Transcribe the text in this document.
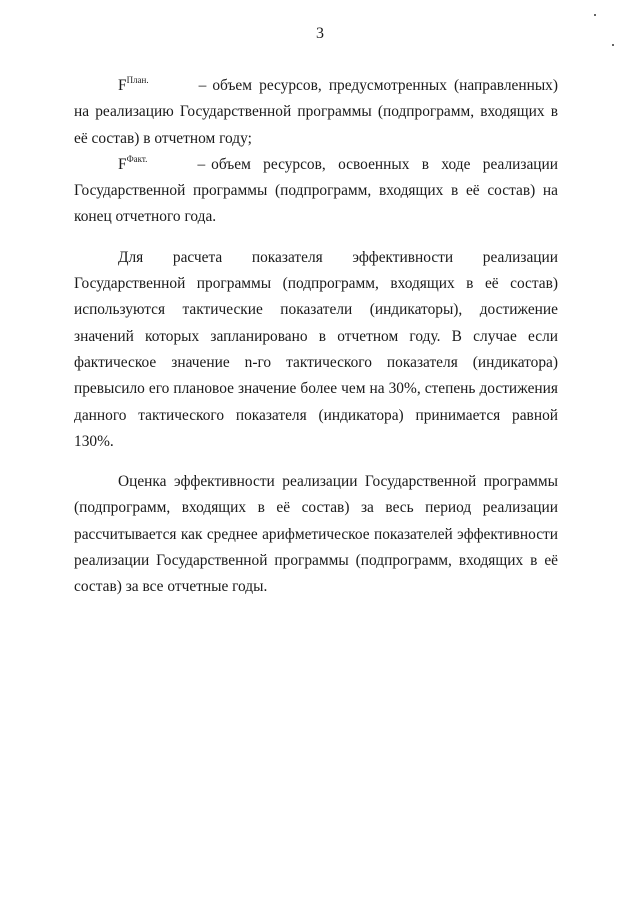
3

$F^{План.}$	– объем ресурсов, предусмотренных (направленных) на реализацию Государственной программы (подпрограмм, входящих в её состав) в отчетном году;

$F^{Факт.}$	– объем ресурсов, освоенных в ходе реализации Государственной программы (подпрограмм, входящих в её состав) на конец отчетного года.

Для расчета показателя эффективности реализации Государственной программы (подпрограмм, входящих в её состав) используются тактические показатели (индикаторы), достижение значений которых запланировано в отчетном году. В случае если фактическое значение n-го тактического показателя (индикатора) превысило его плановое значение более чем на 30%, степень достижения данного тактического показателя (индикатора) принимается равной 130%.

Оценка эффективности реализации Государственной программы (подпрограмм, входящих в её состав) за весь период реализации рассчитывается как среднее арифметическое показателей эффективности реализации Государственной программы (подпрограмм, входящих в её состав) за все отчетные годы.
